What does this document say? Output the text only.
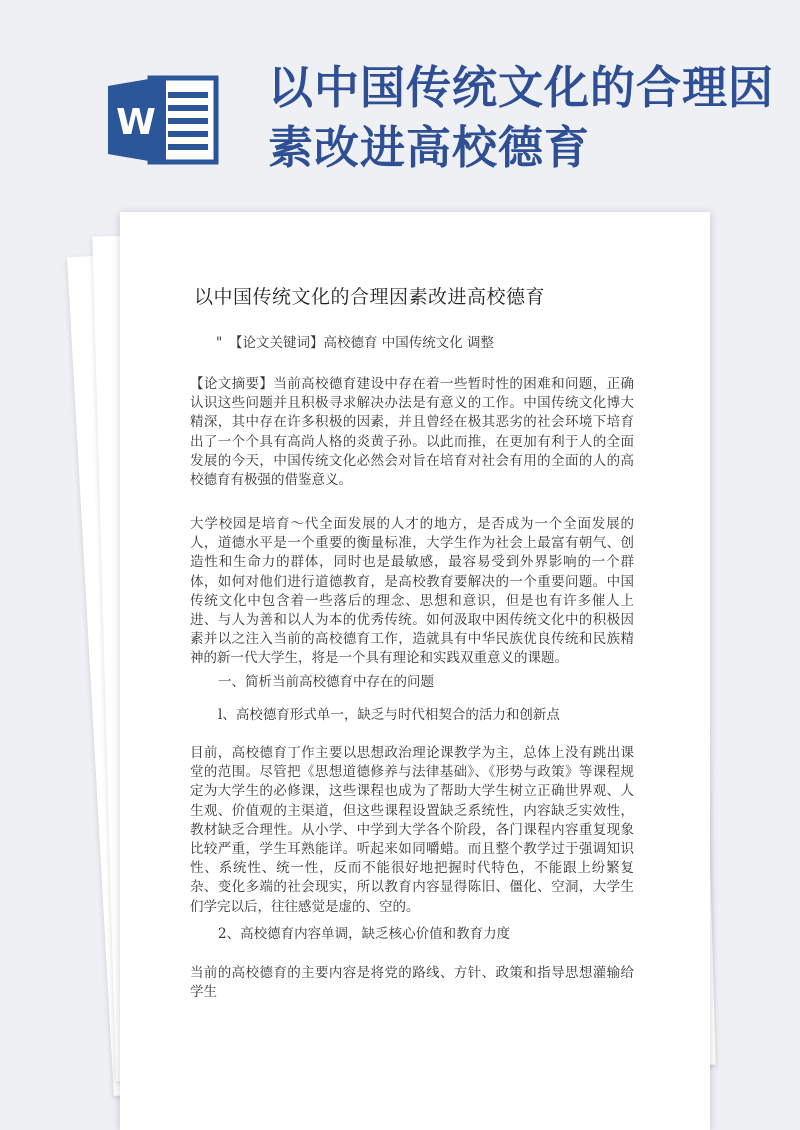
W
以中国传统文化的合理因素改进高校德育
以中国传统文化的合理因素改进高校德育
"　【论文关键词】高校德育 中国传统文化 调整
【论文摘要】当前高校德育建设中存在着一些暂时性的困难和问题，正确认识这些问题并且积极寻求解决办法是有意义的工作。中国传统文化博大精深，其中存在许多积极的因素，并且曾经在极其恶劣的社会环境下培育出了一个个具有高尚人格的炎黄子孙。以此而推，在更加有利于人的全面发展的今天，中国传统文化必然会对旨在培育对社会有用的全面的人的高校德育有极强的借鉴意义。
大学校园是培育～代全面发展的人才的地方，是否成为一个全面发展的人，道德水平是一个重要的衡量标准，大学生作为社会上最富有朝气、创造性和生命力的群体，同时也是最敏感，最容易受到外界影响的一个群体，如何对他们进行道德教育，是高校教育要解决的一个重要问题。中国传统文化中包含着一些落后的理念、思想和意识，但是也有许多催人上进、与人为善和以人为本的优秀传统。如何汲取中困传统文化中的积极因素并以之注入当前的高校德育工作，造就具有中华民族优良传统和民族精神的新一代大学生，将是一个具有理论和实践双重意义的课题。
一、简析当前高校德育中存在的问题
l、高校德育形式单一，缺乏与时代相契合的活力和创新点
目前，高校德育丁作主要以思想政治理论课教学为主，总体上没有跳出课堂的范围。尽管把《思想道德修养与法律基础》、《形势与政策》等课程规定为大学生的必修课，这些课程也成为了帮助大学生树立正确世界观、人生观、价值观的主渠道，但这些课程设置缺乏系统性，内容缺乏实效性，教材缺乏合理性。从小学、中学到大学各个阶段，各门课程内容重复现象比较严重，学生耳熟能详。听起来如同嚼蜡。而且整个教学过于强调知识性、系统性、统一性，反而不能很好地把握时代特色，不能跟上纷繁复杂、变化多端的社会现实，所以教育内容显得陈旧、僵化、空洞，大学生们学完以后，往往感觉是虚的、空的。
2、高校德育内容单调，缺乏核心价值和教育力度
当前的高校德育的主要内容是将党的路线、方针、政策和指导思想灌输给学生
